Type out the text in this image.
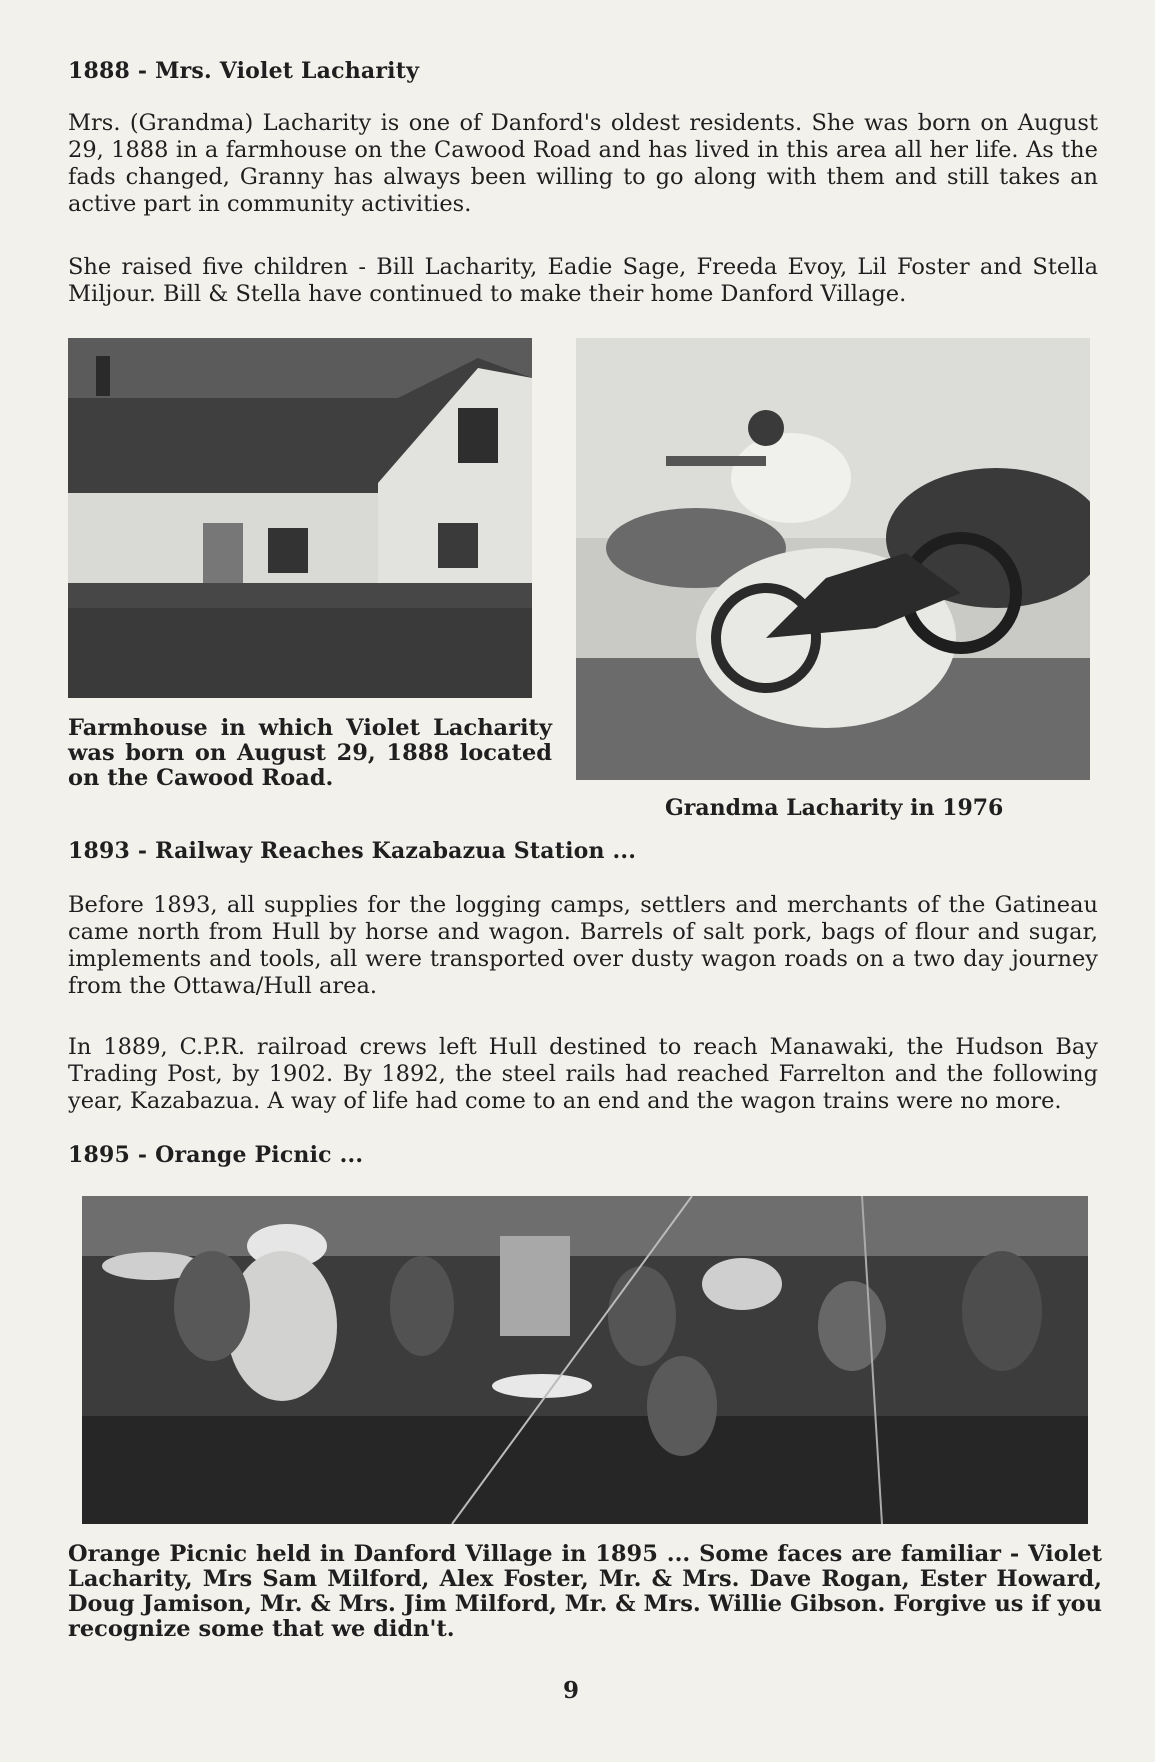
1888 - Mrs. Violet Lacharity

Mrs. (Grandma) Lacharity is one of Danford's oldest residents. She was born on August 29, 1888 in a farmhouse on the Cawood Road and has lived in this area all her life. As the fads changed, Granny has always been willing to go along with them and still takes an active part in community activities.

She raised five children - Bill Lacharity, Eadie Sage, Freeda Evoy, Lil Foster and Stella Miljour. Bill & Stella have continued to make their home Danford Village.

Farmhouse in which Violet Lacharity was born on August 29, 1888 located on the Cawood Road.
Grandma Lacharity in 1976
1893 - Railway Reaches Kazabazua Station ...

Before 1893, all supplies for the logging camps, settlers and merchants of the Gatineau came north from Hull by horse and wagon. Barrels of salt pork, bags of flour and sugar, implements and tools, all were transported over dusty wagon roads on a two day journey from the Ottawa/Hull area.

In 1889, C.P.R. railroad crews left Hull destined to reach Manawaki, the Hudson Bay Trading Post, by 1902. By 1892, the steel rails had reached Farrelton and the following year, Kazabazua. A way of life had come to an end and the wagon trains were no more.

1895 - Orange Picnic ...
Orange Picnic held in Danford Village in 1895 ... Some faces are familiar - Violet Lacharity, Mrs Sam Milford, Alex Foster, Mr. & Mrs. Dave Rogan, Ester Howard, Doug Jamison, Mr. & Mrs. Jim Milford, Mr. & Mrs. Willie Gibson. Forgive us if you recognize some that we didn't.
9
